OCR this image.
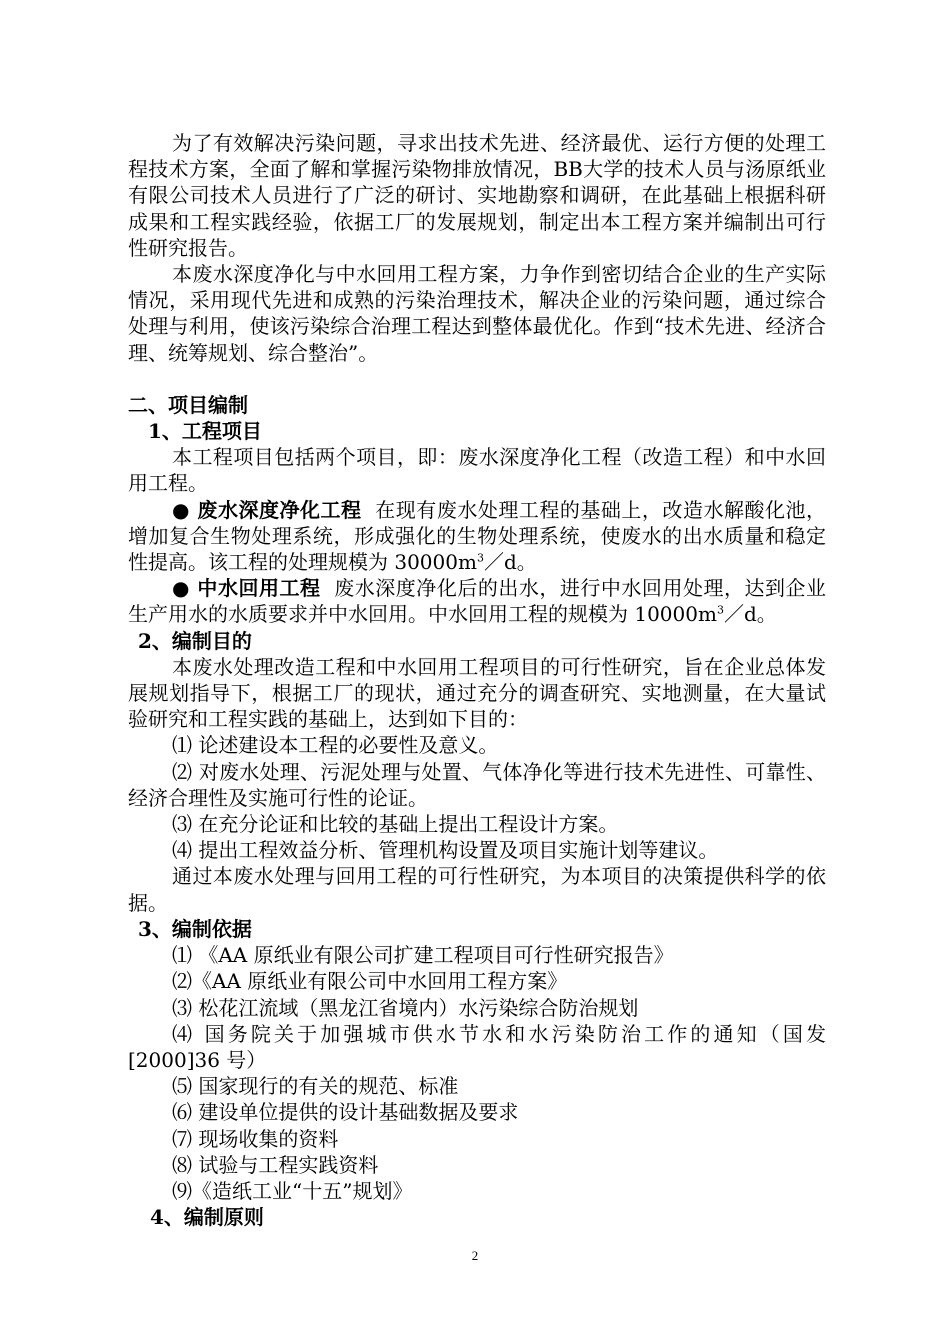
为了有效解决污染问题，寻求出技术先进、经济最优、运行方便的处理工程技术方案，全面了解和掌握污染物排放情况，BB大学的技术人员与汤原纸业有限公司技术人员进行了广泛的研讨、实地勘察和调研，在此基础上根据科研成果和工程实践经验，依据工厂的发展规划，制定出本工程方案并编制出可行性研究报告。

本废水深度净化与中水回用工程方案，力争作到密切结合企业的生产实际情况，采用现代先进和成熟的污染治理技术，解决企业的污染问题，通过综合处理与利用，使该污染综合治理工程达到整体最优化。作到“技术先进、经济合理、统筹规划、综合整治”。

二、项目编制

1、工程项目

本工程项目包括两个项目，即：废水深度净化工程（改造工程）和中水回用工程。

● 废水深度净化工程 在现有废水处理工程的基础上，改造水解酸化池，增加复合生物处理系统，形成强化的生物处理系统，使废水的出水质量和稳定性提高。该工程的处理规模为 $30000m^3/d$。

● 中水回用工程 废水深度净化后的出水，进行中水回用处理，达到企业生产用水的水质要求并中水回用。中水回用工程的规模为 $10000m^3/d$。

2、编制目的

本废水处理改造工程和中水回用工程项目的可行性研究，旨在企业总体发展规划指导下，根据工厂的现状，通过充分的调查研究、实地测量，在大量试验研究和工程实践的基础上，达到如下目的：

⑴ 论述建设本工程的必要性及意义。

⑵ 对废水处理、污泥处理与处置、气体净化等进行技术先进性、可靠性、经济合理性及实施可行性的论证。

⑶ 在充分论证和比较的基础上提出工程设计方案。

⑷ 提出工程效益分析、管理机构设置及项目实施计划等建议。

通过本废水处理与回用工程的可行性研究，为本项目的决策提供科学的依据。

3、编制依据

⑴ 《AA 原纸业有限公司扩建工程项目可行性研究报告》

⑵《AA 原纸业有限公司中水回用工程方案》

⑶ 松花江流域（黑龙江省境内）水污染综合防治规划

⑷ 国务院关于加强城市供水节水和水污染防治工作的通知（国发[2000]36 号）

⑸ 国家现行的有关的规范、标准

⑹ 建设单位提供的设计基础数据及要求

⑺ 现场收集的资料

⑻ 试验与工程实践资料

⑼《造纸工业“十五”规划》

4、编制原则

2
